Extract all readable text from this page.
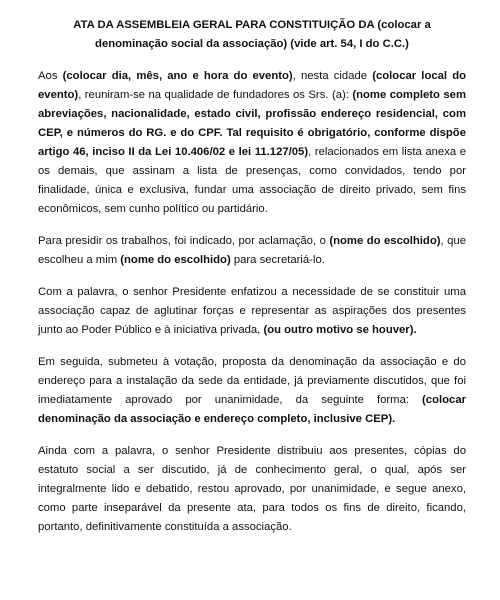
ATA DA ASSEMBLEIA GERAL PARA CONSTITUIÇÃO DA (colocar a denominação social da associação) (vide art. 54, I do C.C.)

Aos (colocar dia, mês, ano e hora do evento), nesta cidade (colocar local do evento), reuniram-se na qualidade de fundadores os Srs. (a): (nome completo sem abreviações, nacionalidade, estado civil, profissão endereço residencial, com CEP, e números do RG. e do CPF. Tal requisito é obrigatório, conforme dispõe artigo 46, inciso II da Lei 10.406/02 e lei 11.127/05), relacionados em lista anexa e os demais, que assinam a lista de presenças, como convidados, tendo por finalidade, única e exclusiva, fundar uma associação de direito privado, sem fins econômicos, sem cunho político ou partidário.

Para presidir os trabalhos, foi indicado, por aclamação, o (nome do escolhido), que escolheu a mim (nome do escolhido) para secretariá-lo.

Com a palavra, o senhor Presidente enfatizou a necessidade de se constituir uma associação capaz de aglutinar forças e representar as aspirações dos presentes junto ao Poder Público e à iniciativa privada, (ou outro motivo se houver).

Em seguida, submeteu à votação, proposta da denominação da associação e do endereço para a instalação da sede da entidade, já previamente discutidos, que foi imediatamente aprovado por unanimidade, da seguinte forma: (colocar denominação da associação e endereço completo, inclusive CEP).

Ainda com a palavra, o senhor Presidente distribuiu aos presentes, cópias do estatuto social a ser discutido, já de conhecimento geral, o qual, após ser integralmente lido e debatido, restou aprovado, por unanimidade, e segue anexo, como parte inseparável da presente ata, para todos os fins de direito, ficando, portanto, definitivamente constituída a associação.
